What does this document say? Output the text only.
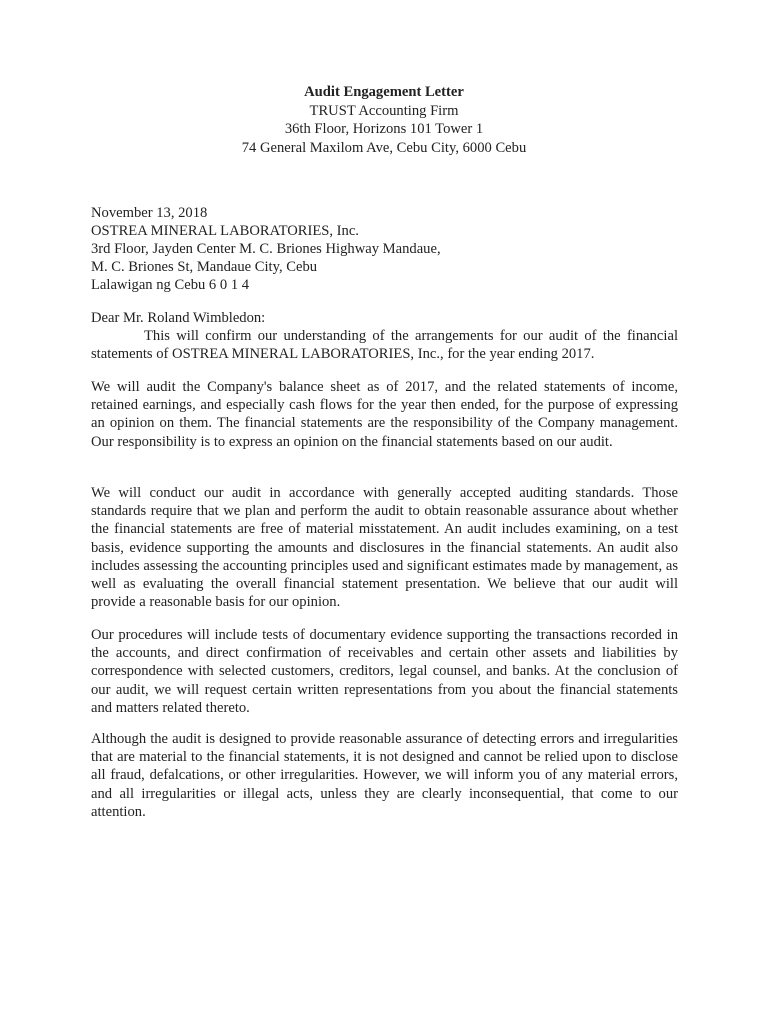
Audit Engagement Letter
TRUST Accounting Firm
36th Floor, Horizons 101 Tower 1
74 General Maxilom Ave, Cebu City, 6000 Cebu
November 13, 2018
OSTREA MINERAL LABORATORIES, Inc.
3rd Floor, Jayden Center M. C. Briones Highway Mandaue,
M. C. Briones St, Mandaue City, Cebu
Lalawigan ng Cebu 6 0 1 4
Dear Mr. Roland Wimbledon:
This will confirm our understanding of the arrangements for our audit of the financial statements of OSTREA MINERAL LABORATORIES, Inc., for the year ending 2017.
We will audit the Company's balance sheet as of 2017, and the related statements of income, retained earnings, and especially cash flows for the year then ended, for the purpose of expressing an opinion on them. The financial statements are the responsibility of the Company management. Our responsibility is to express an opinion on the financial statements based on our audit.
We will conduct our audit in accordance with generally accepted auditing standards. Those standards require that we plan and perform the audit to obtain reasonable assurance about whether the financial statements are free of material misstatement. An audit includes examining, on a test basis, evidence supporting the amounts and disclosures in the financial statements. An audit also includes assessing the accounting principles used and significant estimates made by management, as well as evaluating the overall financial statement presentation. We believe that our audit will provide a reasonable basis for our opinion.
Our procedures will include tests of documentary evidence supporting the transactions recorded in the accounts, and direct confirmation of receivables and certain other assets and liabilities by correspondence with selected customers, creditors, legal counsel, and banks. At the conclusion of our audit, we will request certain written representations from you about the financial statements and matters related thereto.
Although the audit is designed to provide reasonable assurance of detecting errors and irregularities that are material to the financial statements, it is not designed and cannot be relied upon to disclose all fraud, defalcations, or other irregularities. However, we will inform you of any material errors, and all irregularities or illegal acts, unless they are clearly inconsequential, that come to our attention.
